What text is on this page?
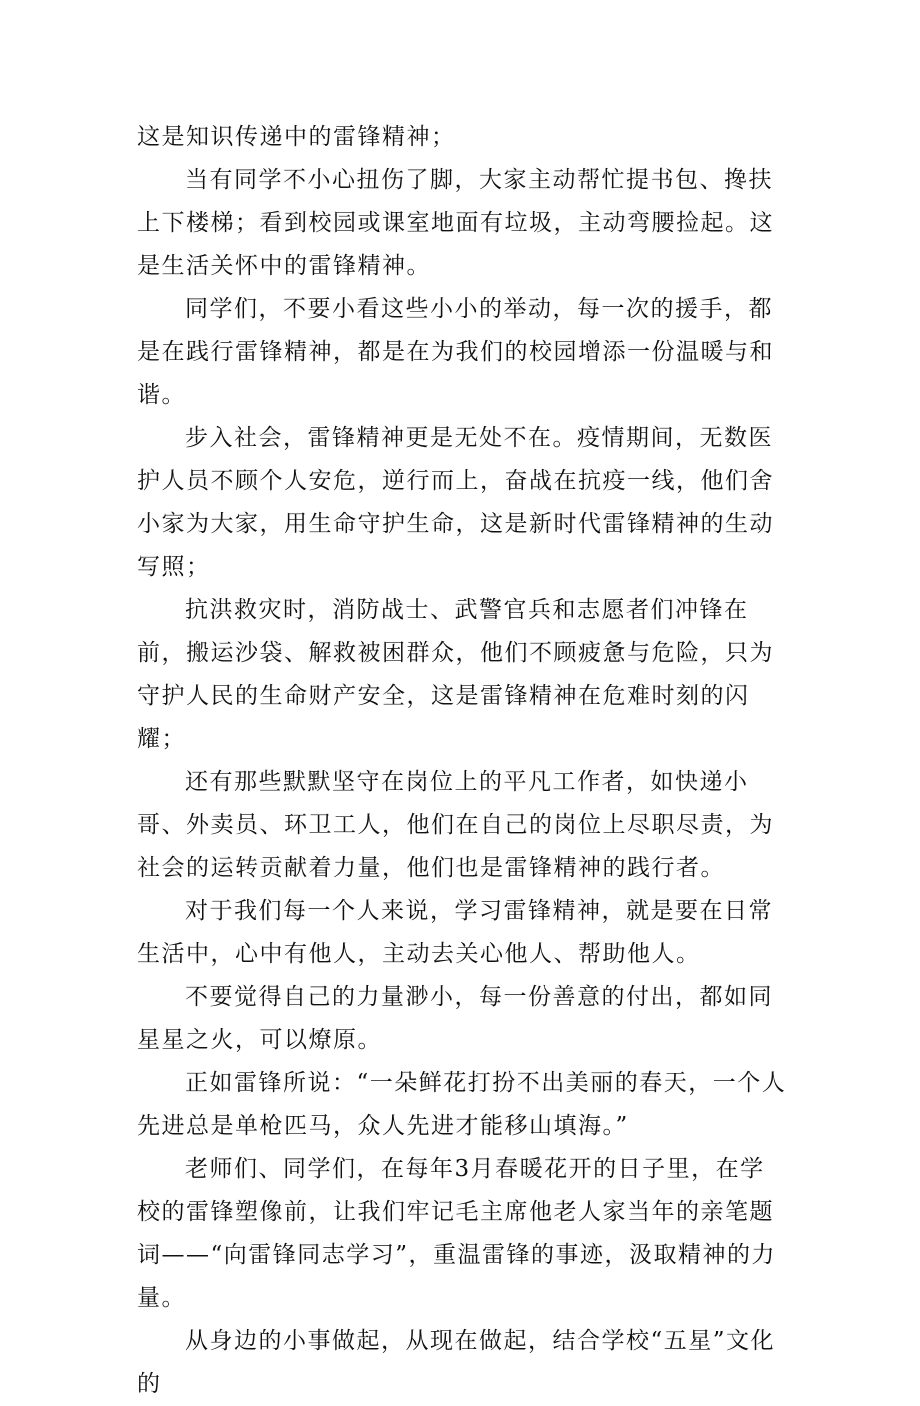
这是知识传递中的雷锋精神；

当有同学不小心扭伤了脚，大家主动帮忙提书包、搀扶上下楼梯；看到校园或课室地面有垃圾，主动弯腰捡起。这是生活关怀中的雷锋精神。

同学们，不要小看这些小小的举动，每一次的援手，都是在践行雷锋精神，都是在为我们的校园增添一份温暖与和谐。

步入社会，雷锋精神更是无处不在。疫情期间，无数医护人员不顾个人安危，逆行而上，奋战在抗疫一线，他们舍小家为大家，用生命守护生命，这是新时代雷锋精神的生动写照；

抗洪救灾时，消防战士、武警官兵和志愿者们冲锋在前，搬运沙袋、解救被困群众，他们不顾疲惫与危险，只为守护人民的生命财产安全，这是雷锋精神在危难时刻的闪耀；

还有那些默默坚守在岗位上的平凡工作者，如快递小哥、外卖员、环卫工人，他们在自己的岗位上尽职尽责，为社会的运转贡献着力量，他们也是雷锋精神的践行者。

对于我们每一个人来说，学习雷锋精神，就是要在日常生活中，心中有他人，主动去关心他人、帮助他人。

不要觉得自己的力量渺小，每一份善意的付出，都如同星星之火，可以燎原。

正如雷锋所说：“一朵鲜花打扮不出美丽的春天，一个人先进总是单枪匹马，众人先进才能移山填海。”

老师们、同学们，在每年3月春暖花开的日子里，在学校的雷锋塑像前，让我们牢记毛主席他老人家当年的亲笔题词——“向雷锋同志学习”，重温雷锋的事迹，汲取精神的力量。

从身边的小事做起，从现在做起，结合学校“五星”文化的
